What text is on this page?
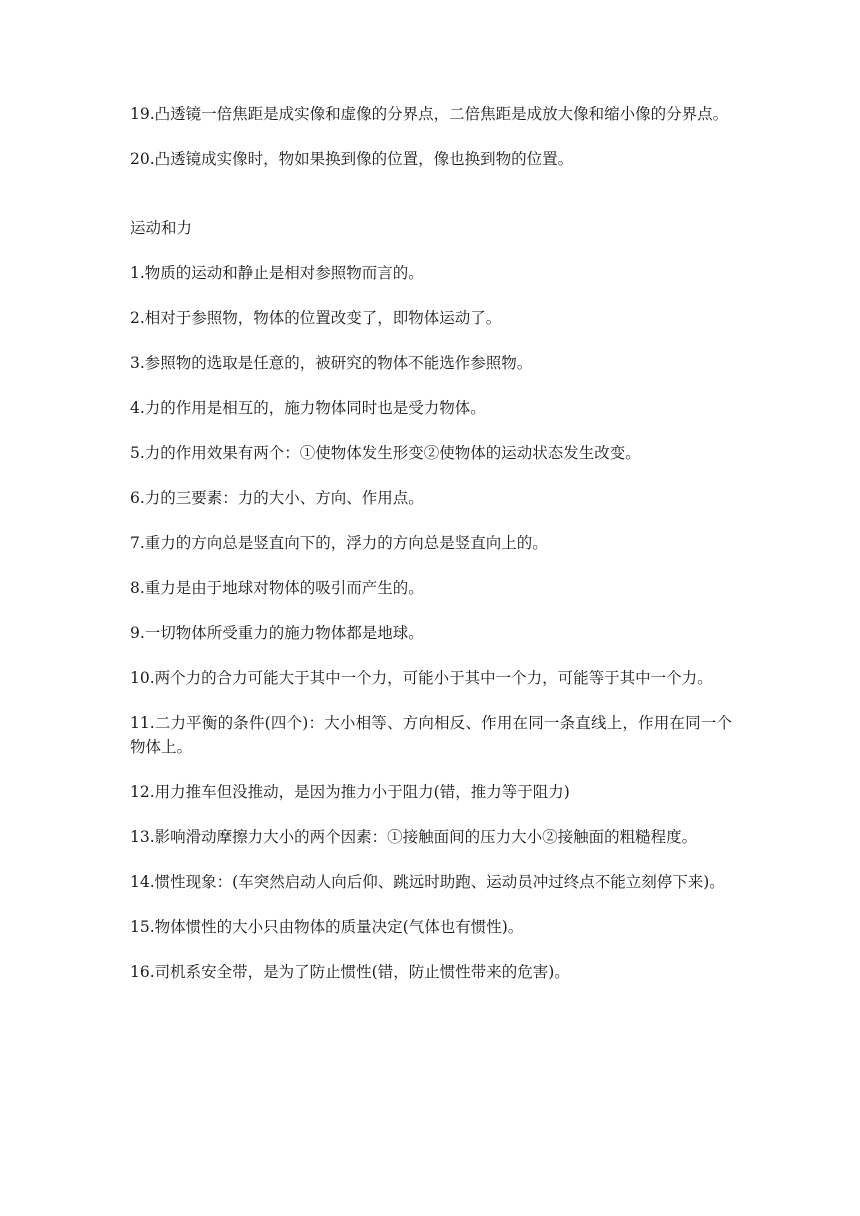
19.凸透镜一倍焦距是成实像和虚像的分界点，二倍焦距是成放大像和缩小像的分界点。

20.凸透镜成实像时，物如果换到像的位置，像也换到物的位置。

运动和力

1.物质的运动和静止是相对参照物而言的。

2.相对于参照物，物体的位置改变了，即物体运动了。

3.参照物的选取是任意的，被研究的物体不能选作参照物。

4.力的作用是相互的，施力物体同时也是受力物体。

5.力的作用效果有两个：①使物体发生形变②使物体的运动状态发生改变。

6.力的三要素：力的大小、方向、作用点。

7.重力的方向总是竖直向下的，浮力的方向总是竖直向上的。

8.重力是由于地球对物体的吸引而产生的。

9.一切物体所受重力的施力物体都是地球。

10.两个力的合力可能大于其中一个力，可能小于其中一个力，可能等于其中一个力。

11.二力平衡的条件(四个)：大小相等、方向相反、作用在同一条直线上，作用在同一个物体上。

12.用力推车但没推动，是因为推力小于阻力(错，推力等于阻力)

13.影响滑动摩擦力大小的两个因素：①接触面间的压力大小②接触面的粗糙程度。

14.惯性现象：(车突然启动人向后仰、跳远时助跑、运动员冲过终点不能立刻停下来)。

15.物体惯性的大小只由物体的质量决定(气体也有惯性)。

16.司机系安全带，是为了防止惯性(错，防止惯性带来的危害)。
